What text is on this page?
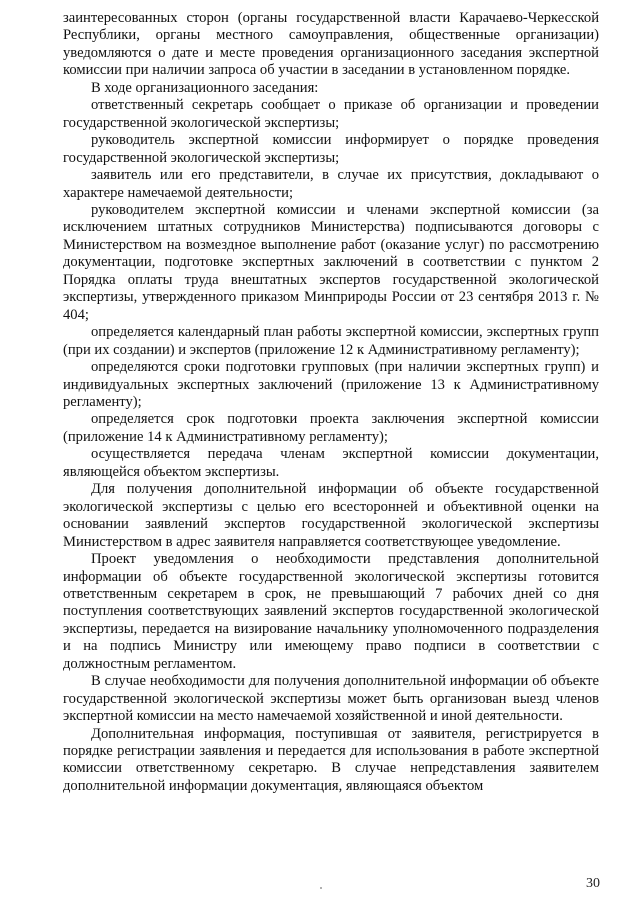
заинтересованных сторон (органы государственной власти Карачаево-Черкесской Республики, органы местного самоуправления, общественные организации) уведомляются о дате и месте проведения организационного заседания экспертной комиссии при наличии запроса об участии в заседании в установленном порядке.

В ходе организационного заседания:

ответственный секретарь сообщает о приказе об организации и проведении государственной экологической экспертизы;

руководитель экспертной комиссии информирует о порядке проведения государственной экологической экспертизы;

заявитель или его представители, в случае их присутствия, докладывают о характере намечаемой деятельности;

руководителем экспертной комиссии и членами экспертной комиссии (за исключением штатных сотрудников Министерства) подписываются договоры с Министерством на возмездное выполнение работ (оказание услуг) по рассмотрению документации, подготовке экспертных заключений в соответствии с пунктом 2 Порядка оплаты труда внештатных экспертов государственной экологической экспертизы, утвержденного приказом Минприроды России от 23 сентября 2013 г. № 404;

определяется календарный план работы экспертной комиссии, экспертных групп (при их создании) и экспертов (приложение 12 к Административному регламенту);

определяются сроки подготовки групповых (при наличии экспертных групп) и индивидуальных экспертных заключений (приложение 13 к Административному регламенту);

определяется срок подготовки проекта заключения экспертной комиссии (приложение 14 к Административному регламенту);

осуществляется передача членам экспертной комиссии документации, являющейся объектом экспертизы.

Для получения дополнительной информации об объекте государственной экологической экспертизы с целью его всесторонней и объективной оценки на основании заявлений экспертов государственной экологической экспертизы Министерством в адрес заявителя направляется соответствующее уведомление.

Проект уведомления о необходимости представления дополнительной информации об объекте государственной экологической экспертизы готовится ответственным секретарем в срок, не превышающий 7 рабочих дней со дня поступления соответствующих заявлений экспертов государственной экологической экспертизы, передается на визирование начальнику уполномоченного подразделения и на подпись Министру или имеющему право подписи в соответствии с должностным регламентом.

В случае необходимости для получения дополнительной информации об объекте государственной экологической экспертизы может быть организован выезд членов экспертной комиссии на место намечаемой хозяйственной и иной деятельности.

Дополнительная информация, поступившая от заявителя, регистрируется в порядке регистрации заявления и передается для использования в работе экспертной комиссии ответственному секретарю. В случае непредставления заявителем дополнительной информации документация, являющаяся объектом

30
